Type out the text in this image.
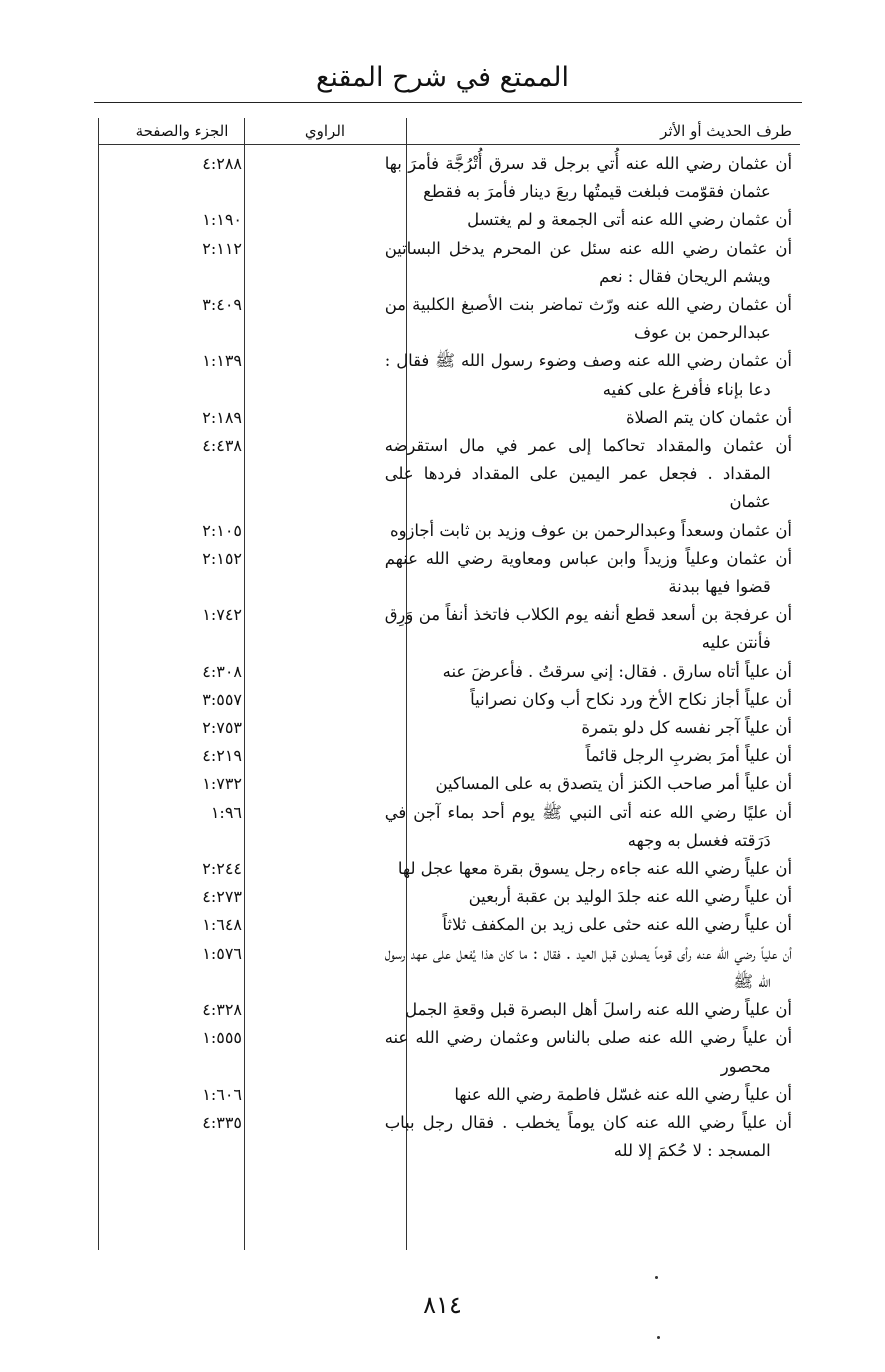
الممتع في شرح المقنع
طرف الحديث أو الأثر
الراوي
الجزء والصفحة
أن عثمان رضي الله عنه أُتي برجل قد سرق أُتْرُجَّة فأمرَ بها عثمان فقوّمت فبلغت قيمتُها ربعَ دينار فأمرَ به فقطع
٤:٢٨٨
أن عثمان رضي الله عنه أتى الجمعة و لم يغتسل
١:١٩٠
أن عثمان رضي الله عنه سئل عن المحرم يدخل البساتين ويشم الريحان فقال : نعم
٢:١١٢
أن عثمان رضي الله عنه ورّث تماضر بنت الأصبغ الكلبية من عبدالرحمن بن عوف
٣:٤٠٩
أن عثمان رضي الله عنه وصف وضوء رسول الله ﷺ فقال : دعا بإناء فأفرغ على كفيه
١:١٣٩
أن عثمان كان يتم الصلاة
٢:١٨٩
أن عثمان والمقداد تحاكما إلى عمر في مال استقرضه المقداد . فجعل عمر اليمين على المقداد فردها على عثمان
٤:٤٣٨
أن عثمان وسعداً وعبدالرحمن بن عوف وزيد بن ثابت أجازوه
٢:١٠٥
أن عثمان وعلياً وزيداً وابن عباس ومعاوية رضي الله عنهم قضوا فيها ببدنة
٢:١٥٢
أن عرفجة بن أسعد قطع أنفه يوم الكلاب فاتخذ أنفاً من وَرِق فأنتن عليه
١:٧٤٢
أن علياً أتاه سارق . فقال: إني سرقتُ . فأعرضَ عنه
٤:٣٠٨
أن علياً أجاز نكاح الأخ ورد نكاح أب وكان نصرانياً
٣:٥٥٧
أن علياً آجر نفسه كل دلو بتمرة
٢:٧٥٣
أن علياً أمرَ بضربِ الرجل قائماً
٤:٢١٩
أن علياً أمر صاحب الكنز أن يتصدق به على المساكين
١:٧٣٢
أن عليًا رضي الله عنه أتى النبي ﷺ يوم أحد بماء آجن في دَرَقته فغسل به وجهه
١:٩٦
أن علياً رضي الله عنه جاءه رجل يسوق بقرة معها عجل لها
٢:٢٤٤
أن علياً رضي الله عنه جلدَ الوليد بن عقبة أربعين
٤:٢٧٣
أن علياً رضي الله عنه حثى على زيد بن المكفف ثلاثاً
١:٦٤٨
أن علياً رضي الله عنه رأى قوماً يصلون قبل العيد . فقال : ما كان هذا يُفعل على عهد رسول الله ﷺ
١:٥٧٦
أن علياً رضي الله عنه راسلَ أهل البصرة قبل وقعةِ الجمل
٤:٣٢٨
أن علياً رضي الله عنه صلى بالناس وعثمان رضي الله عنه محصور
١:٥٥٥
أن علياً رضي الله عنه غسّل فاطمة رضي الله عنها
١:٦٠٦
أن علياً رضي الله عنه كان يوماً يخطب . فقال رجل بباب المسجد : لا حُكمَ إلا لله
٤:٣٣٥
٨١٤
